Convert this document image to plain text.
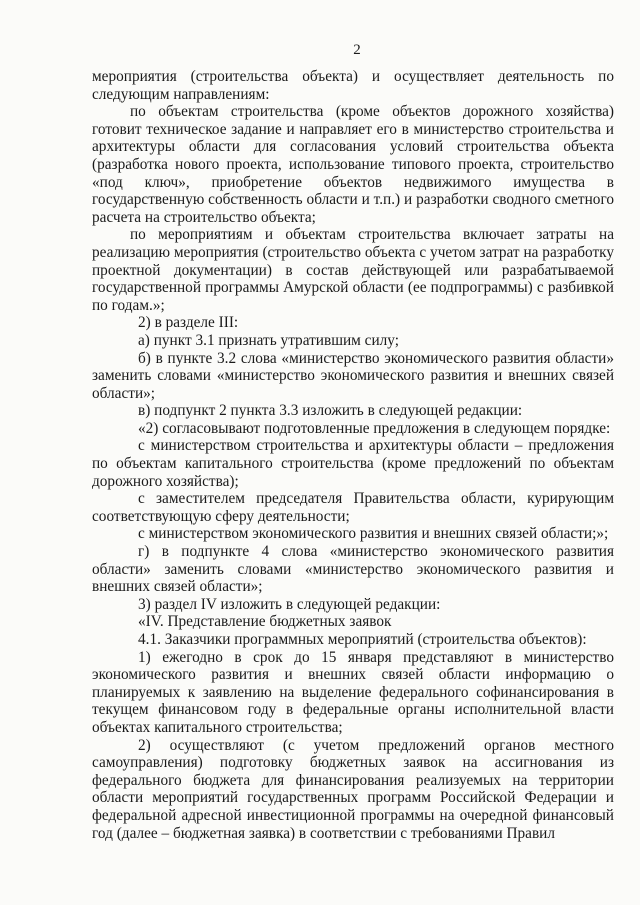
2

мероприятия (строительства объекта) и осуществляет деятельность по следующим направлениям:

по объектам строительства (кроме объектов дорожного хозяйства) готовит техническое задание и направляет его в министерство строительства и архитектуры области для согласования условий строительства объекта (разработка нового проекта, использование типового проекта, строительство «под ключ», приобретение объектов недвижимого имущества в государственную собственность области и т.п.) и разработки сводного сметного расчета на строительство объекта;

по мероприятиям и объектам строительства включает затраты на реализацию мероприятия (строительство объекта с учетом затрат на разработку проектной документации) в состав действующей или разрабатываемой государственной программы Амурской области (ее подпрограммы) с разбивкой по годам.»;

2) в разделе III:

а) пункт 3.1 признать утратившим силу;

б) в пункте 3.2 слова «министерство экономического развития области» заменить словами «министерство экономического развития и внешних связей области»;

в) подпункт 2 пункта 3.3 изложить в следующей редакции:

«2) согласовывают подготовленные предложения в следующем порядке:

с министерством строительства и архитектуры области – предложения по объектам капитального строительства (кроме предложений по объектам дорожного хозяйства);

с заместителем председателя Правительства области, курирующим соответствующую сферу деятельности;

с министерством экономического развития и внешних связей области;»;

г) в подпункте 4 слова «министерство экономического развития области» заменить словами «министерство экономического развития и внешних связей области»;

3) раздел IV изложить в следующей редакции:

«IV. Представление бюджетных заявок

4.1. Заказчики программных мероприятий (строительства объектов):

1) ежегодно в срок до 15 января представляют в министерство экономического развития и внешних связей области информацию о планируемых к заявлению на выделение федерального софинансирования в текущем финансовом году в федеральные органы исполнительной власти объектах капитального строительства;

2) осуществляют (с учетом предложений органов местного самоуправления) подготовку бюджетных заявок на ассигнования из федерального бюджета для финансирования реализуемых на территории области мероприятий государственных программ Российской Федерации и федеральной адресной инвестиционной программы на очередной финансовый год (далее – бюджетная заявка) в соответствии с требованиями Правил
